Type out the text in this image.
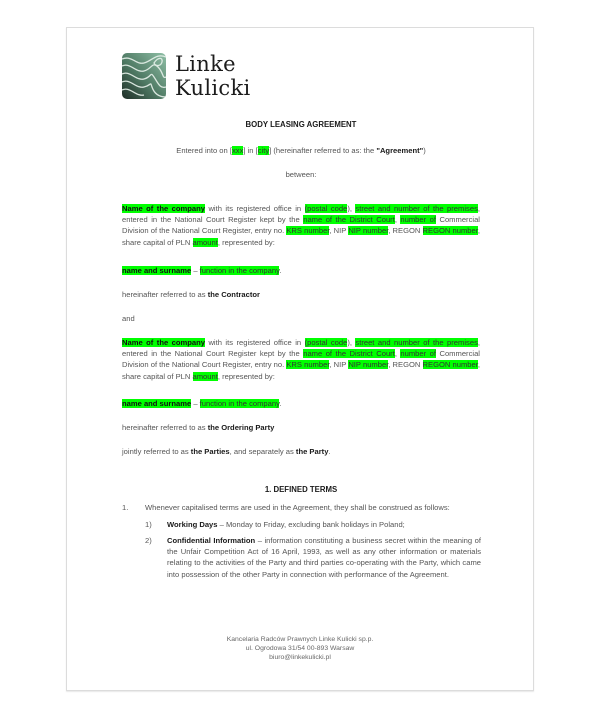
Linke
Kulicki
BODY LEASING AGREEMENT
Entered into on [xxx] in [city] (hereinafter referred to as: the "Agreement")
between:
Name of the company with its registered office in (postal code), street and number of the premises, entered in the National Court Register kept by the name of the District Court, number of Commercial Division of the National Court Register, entry no. KRS number, NIP NIP number, REGON REGON number, share capital of PLN amount, represented by:
name and surname – function in the company.
hereinafter referred to as the Contractor
and
Name of the company with its registered office in (postal code), street and number of the premises, entered in the National Court Register kept by the name of the District Court, number of Commercial Division of the National Court Register, entry no. KRS number, NIP NIP number, REGON REGON number, share capital of PLN amount, represented by:
name and surname – function in the company.
hereinafter referred to as the Ordering Party
jointly referred to as the Parties, and separately as the Party.
1. DEFINED TERMS
1.	Whenever capitalised terms are used in the Agreement, they shall be construed as follows:
1)	Working Days – Monday to Friday, excluding bank holidays in Poland;
2)	Confidential Information – information constituting a business secret within the meaning of the Unfair Competition Act of 16 April, 1993, as well as any other information or materials relating to the activities of the Party and third parties co-operating with the Party, which came into possession of the other Party in connection with performance of the Agreement.
Kancelaria Radców Prawnych Linke Kulicki sp.p.
ul. Ogrodowa 31/54 00-893 Warsaw
biuro@linkekulicki.pl
